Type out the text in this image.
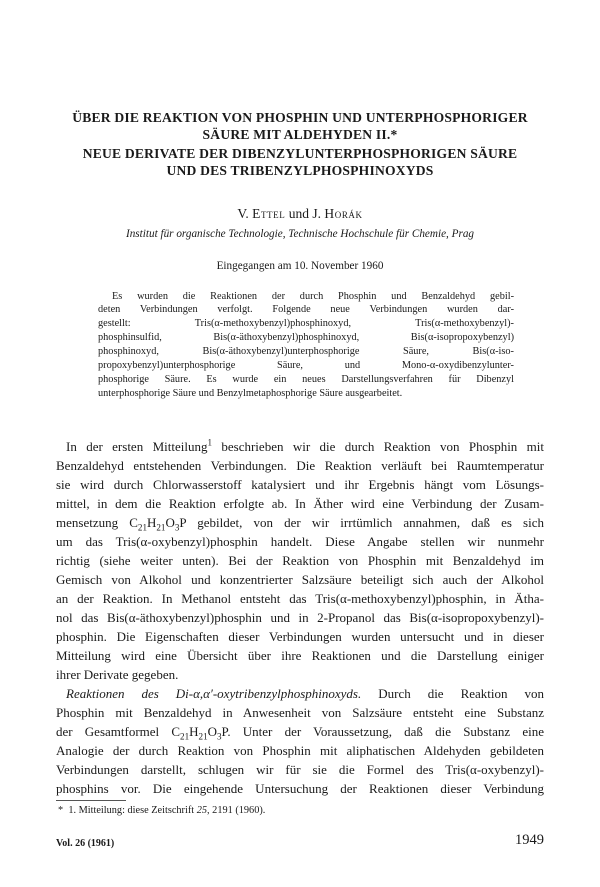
ÜBER DIE REAKTION VON PHOSPHIN UND UNTERPHOSPHORIGER
SÄURE MIT ALDEHYDEN II.*
NEUE DERIVATE DER DIBENZYLUNTERPHOSPHORIGEN SÄURE
UND DES TRIBENZYLPHOSPHINOXYDS
V. Ettel und J. Horák
Institut für organische Technologie, Technische Hochschule für Chemie, Prag
Eingegangen am 10. November 1960
Es wurden die Reaktionen der durch Phosphin und Benzaldehyd gebil-
deten Verbindungen verfolgt. Folgende neue Verbindungen wurden dar-
gestellt: Tris(α-methoxybenzyl)phosphinoxyd, Tris(α-methoxybenzyl)-
phosphinsulfid, Bis(α-äthoxybenzyl)phosphinoxyd, Bis(α-isopropoxybenzyl)
phosphinoxyd, Bis(α-äthoxybenzyl)unterphosphorige Säure, Bis(α-iso-
propoxybenzyl)unterphosphorige Säure, und Mono-α-oxydibenzylunter-
phosphorige Säure. Es wurde ein neues Darstellungsverfahren für Dibenzyl
unterphosphorige Säure und Benzylmetaphosphorige Säure ausgearbeitet.
In der ersten Mitteilung$^1$ beschrieben wir die durch Reaktion von Phosphin mit
Benzaldehyd entstehenden Verbindungen. Die Reaktion verläuft bei Raumtemperatur
sie wird durch Chlorwasserstoff katalysiert und ihr Ergebnis hängt vom Lösungs-
mittel, in dem die Reaktion erfolgte ab. In Äther wird eine Verbindung der Zusam-
mensetzung $C_{21}H_{21}O_3P$ gebildet, von der wir irrtümlich annahmen, daß es sich
um das Tris(α-oxybenzyl)phosphin handelt. Diese Angabe stellen wir nunmehr
richtig (siehe weiter unten). Bei der Reaktion von Phosphin mit Benzaldehyd im
Gemisch von Alkohol und konzentrierter Salzsäure beteiligt sich auch der Alkohol
an der Reaktion. In Methanol entsteht das Tris(α-methoxybenzyl)phosphin, in Ätha-
nol das Bis(α-äthoxybenzyl)phosphin und in 2-Propanol das Bis(α-isopropoxybenzyl)-
phosphin. Die Eigenschaften dieser Verbindungen wurden untersucht und in dieser
Mitteilung wird eine Übersicht über ihre Reaktionen und die Darstellung einiger
ihrer Derivate gegeben.
Reaktionen des Di-α,α′-oxytribenzylphosphinoxyds. Durch die Reaktion von
Phosphin mit Benzaldehyd in Anwesenheit von Salzsäure entsteht eine Substanz
der Gesamtformel $C_{21}H_{21}O_3P$. Unter der Voraussetzung, daß die Substanz eine
Analogie der durch Reaktion von Phosphin mit aliphatischen Aldehyden gebildeten
Verbindungen darstellt, schlugen wir für sie die Formel des Tris(α-oxybenzyl)-
phosphins vor. Die eingehende Untersuchung der Reaktionen dieser Verbindung
* 1. Mitteilung: diese Zeitschrift 25, 2191 (1960).
Vol. 26 (1961)	1949
